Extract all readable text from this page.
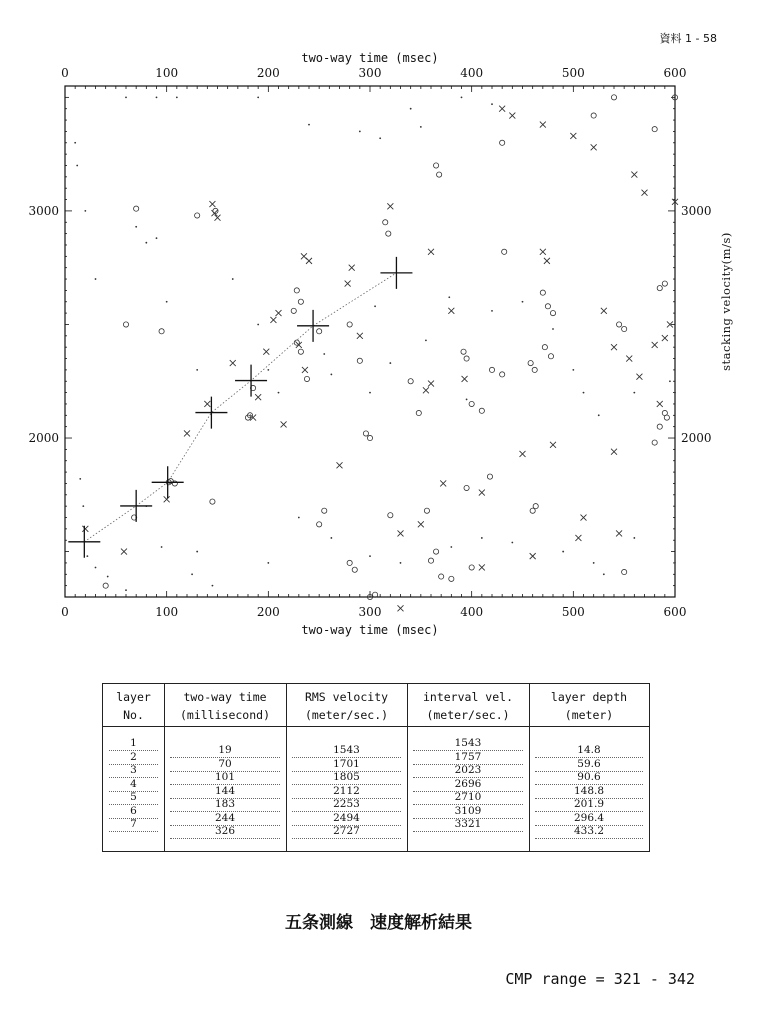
資料 1 - 58
0
0
100
100
200
200
300
300
400
400
500
500
600
600
2000	2000
3000	3000
two-way time (msec)
two-way time (msec)
stacking velocity(m/s)
layer
No.
1
2
3
4
5
6
7
two-way time
(millisecond)
19
70
101
144
183
244
326
RMS velocity
(meter/sec.)
1543
1701
1805
2112
2253
2494
2727
interval vel.
(meter/sec.)
1543
1757
2023
2696
2710
3109
3321
layer depth
(meter)
14.8
59.6
90.6
148.8
201.9
296.4
433.2
五条測線　速度解析結果
CMP range = 321 - 342
